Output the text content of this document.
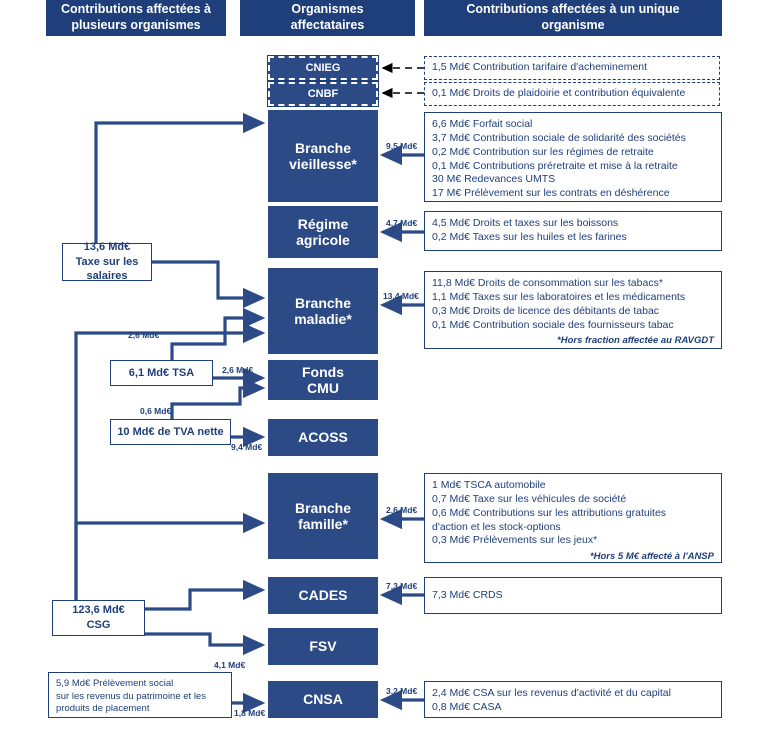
Contributions affectées à
plusieurs organismes
Organismes
affectataires
Contributions affectées à un unique
organisme
CNIEG
CNBF
Branche
vieillesse*
Régime
agricole
Branche
maladie*
Fonds
CMU
ACOSS
Branche
famille*
CADES
FSV
CNSA
13,6 Md€
Taxe sur les
salaires
6,1 Md€ TSA
10 Md€ de TVA nette
123,6 Md€
CSG
5,9 Md€ Prélèvement social
sur les revenus du patrimoine et les
produits de placement
1,5 Md€ Contribution tarifaire d'acheminement
0,1 Md€ Droits de plaidoirie et contribution équivalente
6,6 Md€ Forfait social
3,7 Md€ Contribution sociale de solidarité des sociétés
0,2 Md€ Contribution sur les régimes de retraite
0,1 Md€ Contributions préretraite et mise à la retraite
30 M€ Redevances UMTS
17 M€ Prélèvement sur les contrats en déshérence
4,5 Md€ Droits et taxes sur les boissons
0,2 Md€ Taxes sur les huiles et les farines
11,8 Md€ Droits de consommation sur les tabacs*
1,1 Md€ Taxes sur les laboratoires et les médicaments
0,3 Md€ Droits de licence des débitants de tabac
0,1 Md€ Contribution sociale des fournisseurs tabac
*Hors fraction affectée au RAVGDT
1 Md€ TSCA automobile
0,7 Md€ Taxe sur les véhicules de société
0,6 Md€ Contributions sur les attributions gratuites
d'action et les stock-options
0,3 Md€ Prélèvements sur les jeux*
*Hors 5 M€ affecté à l'ANSP
7,3 Md€ CRDS
2,4 Md€ CSA sur les revenus d'activité et du capital
0,8 Md€ CASA
9,5 Md€
4,7 Md€
13,4 Md€
2,6 Md€
2,6 Md€
0,6 Md€
9,4 Md€
2,6 Md€
7,3 Md€
4,1 Md€
3,2 Md€
1,8 Md€
